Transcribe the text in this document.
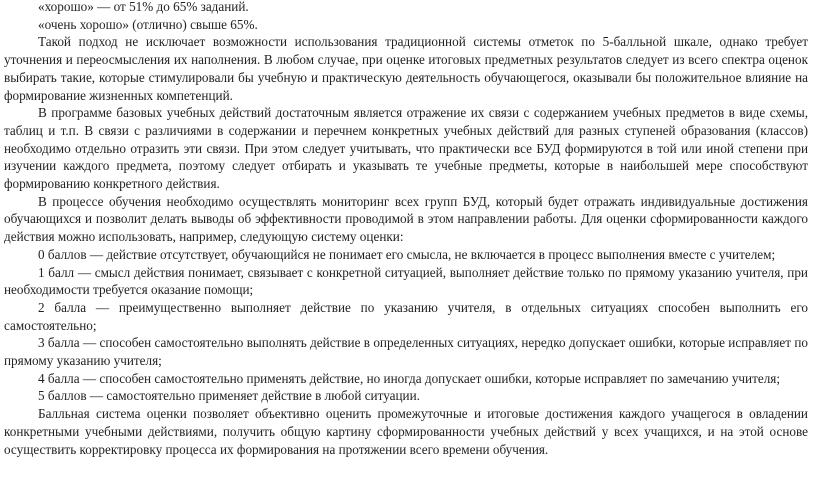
«хорошо» — от 51% до 65% заданий.

«очень хорошо» (отлично) свыше 65%.

Такой подход не исключает возможности использования традиционной системы отметок по 5-балльной шкале, однако требует уточнения и переосмысления их наполнения. В любом случае, при оценке итоговых предметных результатов следует из всего спектра оценок выбирать такие, которые стимулировали бы учебную и практическую деятельность обучающегося, оказывали бы положительное влияние на формирование жизненных компетенций.

В программе базовых учебных действий достаточным является отражение их связи с содержанием учебных предметов в виде схемы, таблиц и т.п. В связи с различиями в содержании и перечнем конкретных учебных действий для разных ступеней образования (классов) необходимо отдельно отразить эти связи. При этом следует учитывать, что практически все БУД формируются в той или иной степени при изучении каждого предмета, поэтому следует отбирать и указывать те учебные предметы, которые в наибольшей мере способствуют формированию конкретного действия.

В процессе обучения необходимо осуществлять мониторинг всех групп БУД, который будет отражать индивидуальные достижения обучающихся и позволит делать выводы об эффективности проводимой в этом направлении работы. Для оценки сформированности каждого действия можно использовать, например, следующую систему оценки:

0 баллов — действие отсутствует, обучающийся не понимает его смысла, не включается в процесс выполнения вместе с учителем;

1 балл — смысл действия понимает, связывает с конкретной ситуацией, выполняет действие только по прямому указанию учителя, при необходимости требуется оказание помощи;

2 балла — преимущественно выполняет действие по указанию учителя, в отдельных ситуациях способен выполнить его самостоятельно;

3 балла — способен самостоятельно выполнять действие в определенных ситуациях, нередко допускает ошибки, которые исправляет по прямому указанию учителя;

4 балла — способен самостоятельно применять действие, но иногда допускает ошибки, которые исправляет по замечанию учителя;

5 баллов — самостоятельно применяет действие в любой ситуации.

Балльная система оценки позволяет объективно оценить промежуточные и итоговые достижения каждого учащегося в овладении конкретными учебными действиями, получить общую картину сформированности учебных действий у всех учащихся, и на этой основе осуществить корректировку процесса их формирования на протяжении всего времени обучения.
